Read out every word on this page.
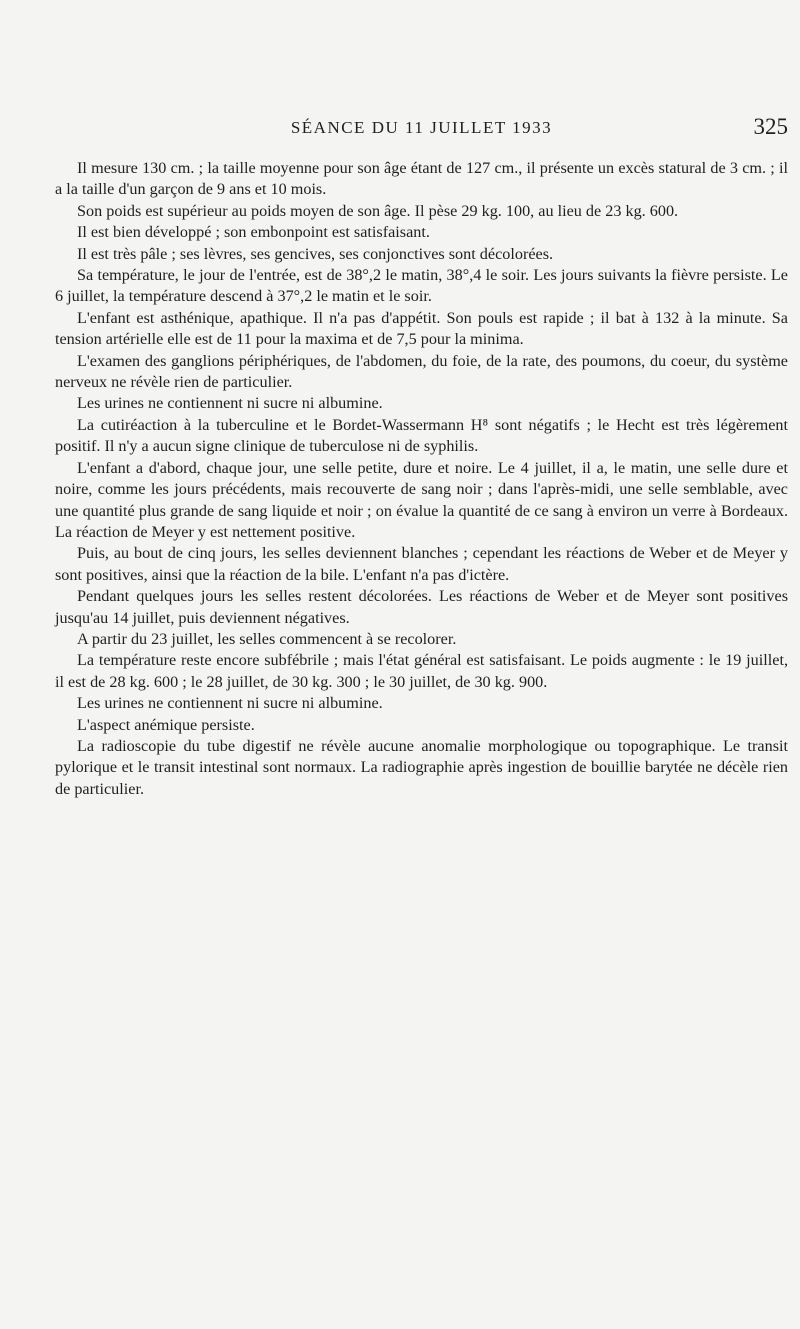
SÉANCE DU 11 JUILLET 1933	325

Il mesure 130 cm. ; la taille moyenne pour son âge étant de 127 cm., il présente un excès statural de 3 cm. ; il a la taille d'un garçon de 9 ans et 10 mois.

Son poids est supérieur au poids moyen de son âge. Il pèse 29 kg. 100, au lieu de 23 kg. 600.

Il est bien développé ; son embonpoint est satisfaisant.

Il est très pâle ; ses lèvres, ses gencives, ses conjonctives sont décolorées.

Sa température, le jour de l'entrée, est de 38°,2 le matin, 38°,4 le soir. Les jours suivants la fièvre persiste. Le 6 juillet, la température descend à 37°,2 le matin et le soir.

L'enfant est asthénique, apathique. Il n'a pas d'appétit. Son pouls est rapide ; il bat à 132 à la minute. Sa tension artérielle elle est de 11 pour la maxima et de 7,5 pour la minima.

L'examen des ganglions périphériques, de l'abdomen, du foie, de la rate, des poumons, du coeur, du système nerveux ne révèle rien de particulier.

Les urines ne contiennent ni sucre ni albumine.

La cutiréaction à la tuberculine et le Bordet-Wassermann H⁸ sont négatifs ; le Hecht est très légèrement positif. Il n'y a aucun signe clinique de tuberculose ni de syphilis.

L'enfant a d'abord, chaque jour, une selle petite, dure et noire. Le 4 juillet, il a, le matin, une selle dure et noire, comme les jours précédents, mais recouverte de sang noir ; dans l'après-midi, une selle semblable, avec une quantité plus grande de sang liquide et noir ; on évalue la quantité de ce sang à environ un verre à Bordeaux. La réaction de Meyer y est nettement positive.

Puis, au bout de cinq jours, les selles deviennent blanches ; cependant les réactions de Weber et de Meyer y sont positives, ainsi que la réaction de la bile. L'enfant n'a pas d'ictère.

Pendant quelques jours les selles restent décolorées. Les réactions de Weber et de Meyer sont positives jusqu'au 14 juillet, puis deviennent négatives.

A partir du 23 juillet, les selles commencent à se recolorer.

La température reste encore subfébrile ; mais l'état général est satisfaisant. Le poids augmente : le 19 juillet, il est de 28 kg. 600 ; le 28 juillet, de 30 kg. 300 ; le 30 juillet, de 30 kg. 900.

Les urines ne contiennent ni sucre ni albumine.

L'aspect anémique persiste.

La radioscopie du tube digestif ne révèle aucune anomalie morphologique ou topographique. Le transit pylorique et le transit intestinal sont normaux. La radiographie après ingestion de bouillie barytée ne décèle rien de particulier.
